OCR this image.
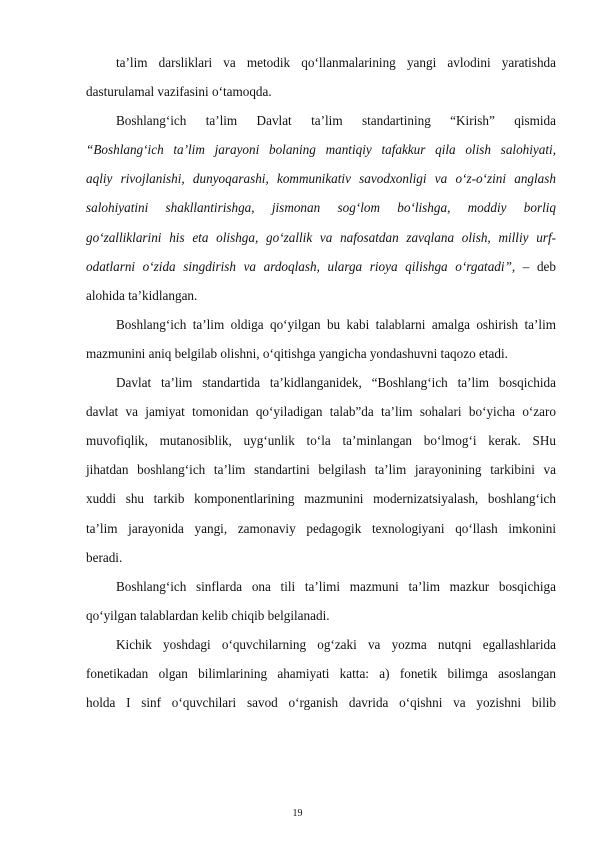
ta’lim darsliklari va metodik qo‘llanmalarining yangi avlodini yaratishda
dasturulamal vazifasini o‘tamoqda.
Boshlang‘ich ta’lim Davlat ta’lim standartining “Kirish” qismida
“Boshlang‘ich ta’lim jarayoni bolaning mantiqiy tafakkur qila olish salohiyati,
aqliy rivojlanishi, dunyoqarashi, kommunikativ savodxonligi va o‘z-o‘zini anglash
salohiyatini shakllantirishga, jismonan sog‘lom bo‘lishga, moddiy borliq
go‘zalliklarini his eta olishga, go‘zallik va nafosatdan zavqlana olish, milliy urf-
odatlarni o‘zida singdirish va ardoqlash, ularga rioya qilishga o‘rgatadi”, – deb
alohida ta’kidlangan.
Boshlang‘ich ta’lim oldiga qo‘yilgan bu kabi talablarni amalga oshirish ta’lim
mazmunini aniq belgilab olishni, o‘qitishga yangicha yondashuvni taqozo etadi.
Davlat ta’lim standartida ta’kidlanganidek, “Boshlang‘ich ta’lim bosqichida
davlat va jamiyat tomonidan qo‘yiladigan talab”da ta’lim sohalari bo‘yicha o‘zaro
muvofiqlik, mutanosiblik, uyg‘unlik to‘la ta’minlangan bo‘lmog‘i kerak. SHu
jihatdan boshlang‘ich ta’lim standartini belgilash ta’lim jarayonining tarkibini va
xuddi shu tarkib komponentlarining mazmunini modernizatsiyalash, boshlang‘ich
ta’lim jarayonida yangi, zamonaviy pedagogik texnologiyani qo‘llash imkonini
beradi.
Boshlang‘ich sinflarda ona tili ta’limi mazmuni ta’lim mazkur bosqichiga
qo‘yilgan talablardan kelib chiqib belgilanadi.
Kichik yoshdagi o‘quvchilarning og‘zaki va yozma nutqni egallashlarida
fonetikadan olgan bilimlarining ahamiyati katta: a) fonetik bilimga asoslangan
holda I sinf o‘quvchilari savod o‘rganish davrida o‘qishni va yozishni bilib
19
